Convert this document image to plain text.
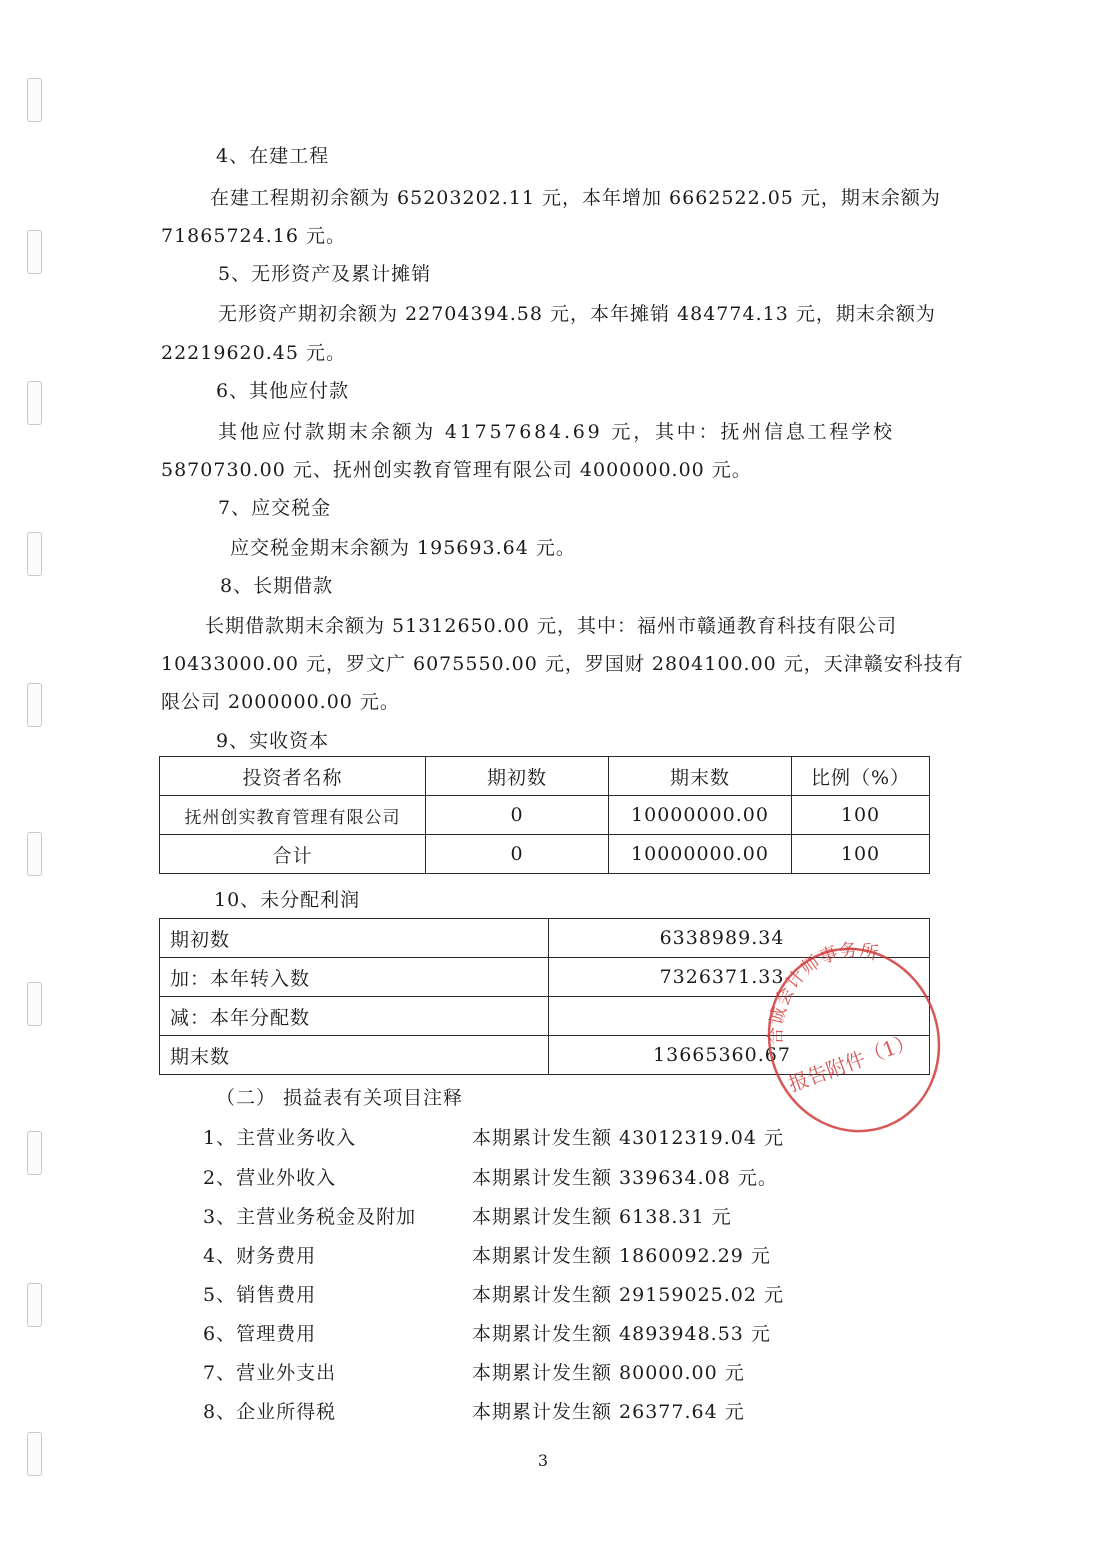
4、在建工程
在建工程期初余额为 65203202.11 元，本年增加 6662522.05 元，期末余额为
71865724.16 元。
5、无形资产及累计摊销
无形资产期初余额为 22704394.58 元，本年摊销 484774.13 元，期末余额为
22219620.45 元。
6、其他应付款
其他应付款期末余额为 41757684.69 元，其中：抚州信息工程学校
5870730.00 元、抚州创实教育管理有限公司 4000000.00 元。
7、应交税金
应交税金期末余额为 195693.64 元。
8、长期借款
长期借款期末余额为 51312650.00 元，其中：福州市赣通教育科技有限公司
10433000.00 元，罗文广 6075550.00 元，罗国财 2804100.00 元，天津赣安科技有
限公司 2000000.00 元。
9、实收资本
投资者名称	期初数	期末数	比例（%）
抚州创实教育管理有限公司	0	10000000.00	100
合计	0	10000000.00	100
10、未分配利润
期初数	6338989.34
加：本年转入数	7326371.33
减：本年分配数	
期末数	13665360.67
合诚会计师事务所
报告附件（1）
（二） 损益表有关项目注释
1、主营业务收入	本期累计发生额 43012319.04 元
2、营业外收入	本期累计发生额 339634.08 元。
3、主营业务税金及附加	本期累计发生额 6138.31 元
4、财务费用	本期累计发生额 1860092.29 元
5、销售费用	本期累计发生额 29159025.02 元
6、管理费用	本期累计发生额 4893948.53 元
7、营业外支出	本期累计发生额 80000.00 元
8、企业所得税	本期累计发生额 26377.64 元
3
